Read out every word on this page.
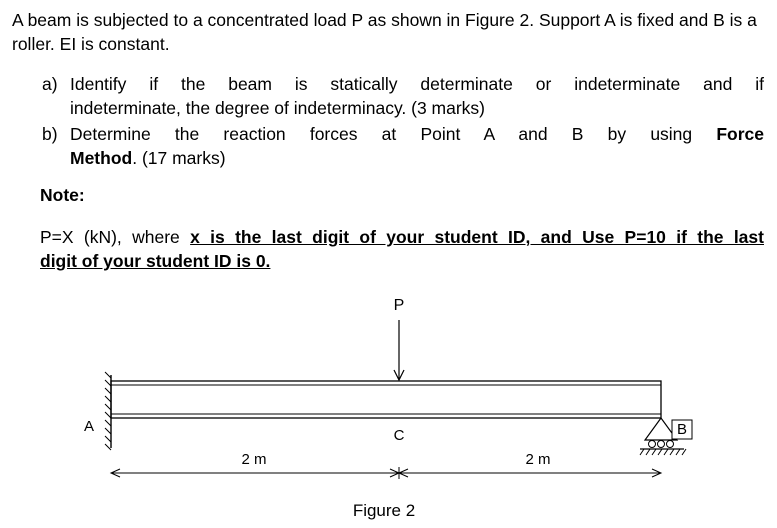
A beam is subjected to a concentrated load P as shown in Figure 2. Support A is fixed and B is a roller. EI is constant.

a) Identify if the beam is statically determinate or indeterminate and if
indeterminate, the degree of indeterminacy. (3 marks)
b) Determine the reaction forces at Point A and B by using Force
Method. (17 marks)

Note:

P=X (kN), where x is the last digit of your student ID, and Use P=10 if the last
digit of your student ID is 0.

P
A	B
C
2 m	2 m
Figure 2
